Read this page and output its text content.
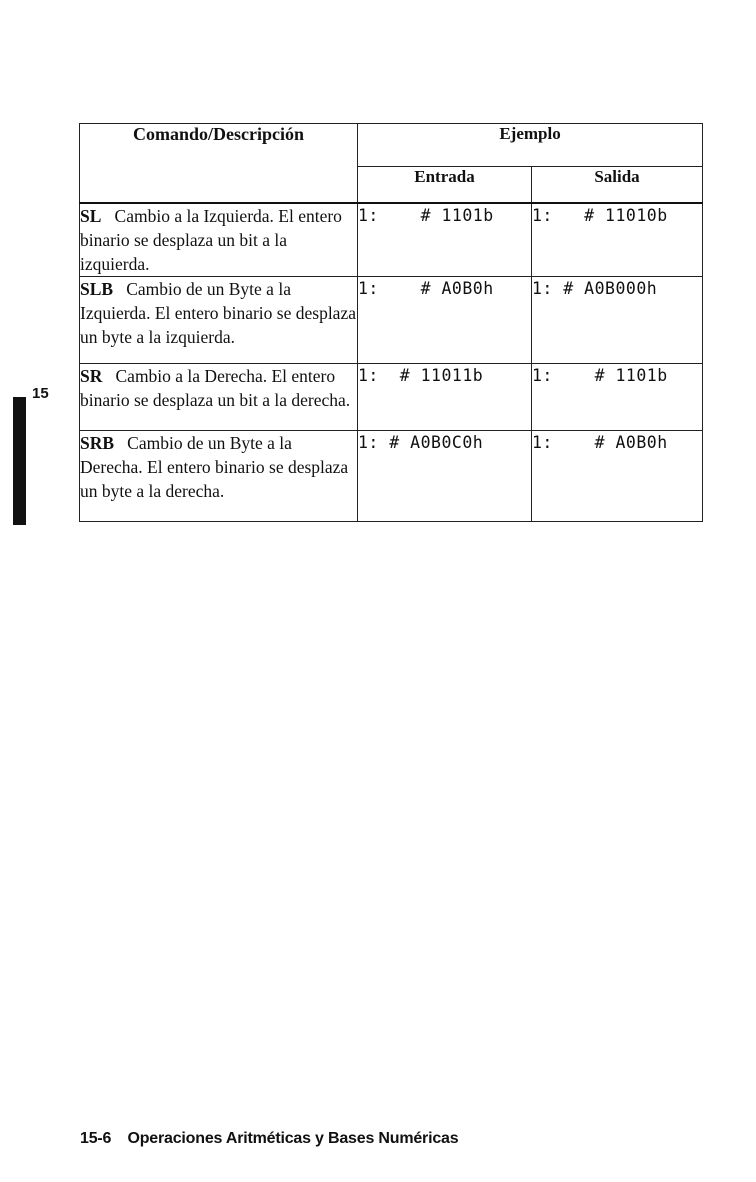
Comando/Descripción	Ejemplo	
	Entrada	Salida
SL Cambio a la Izquierda. El entero binario se desplaza un bit a la izquierda.	1:    # 1101b	1:   # 11010b
SLB Cambio de un Byte a la Izquierda. El entero binario se desplaza un byte a la izquierda.	1:    # A0B0h	1: # A0B000h
SR Cambio a la Derecha. El entero binario se desplaza un bit a la derecha.	1:  # 11011b	1:    # 1101b
SRB Cambio de un Byte a la Derecha. El entero binario se desplaza un byte a la derecha.	1: # A0B0C0h	1:    # A0B0h
15
15-6 Operaciones Aritméticas y Bases Numéricas
